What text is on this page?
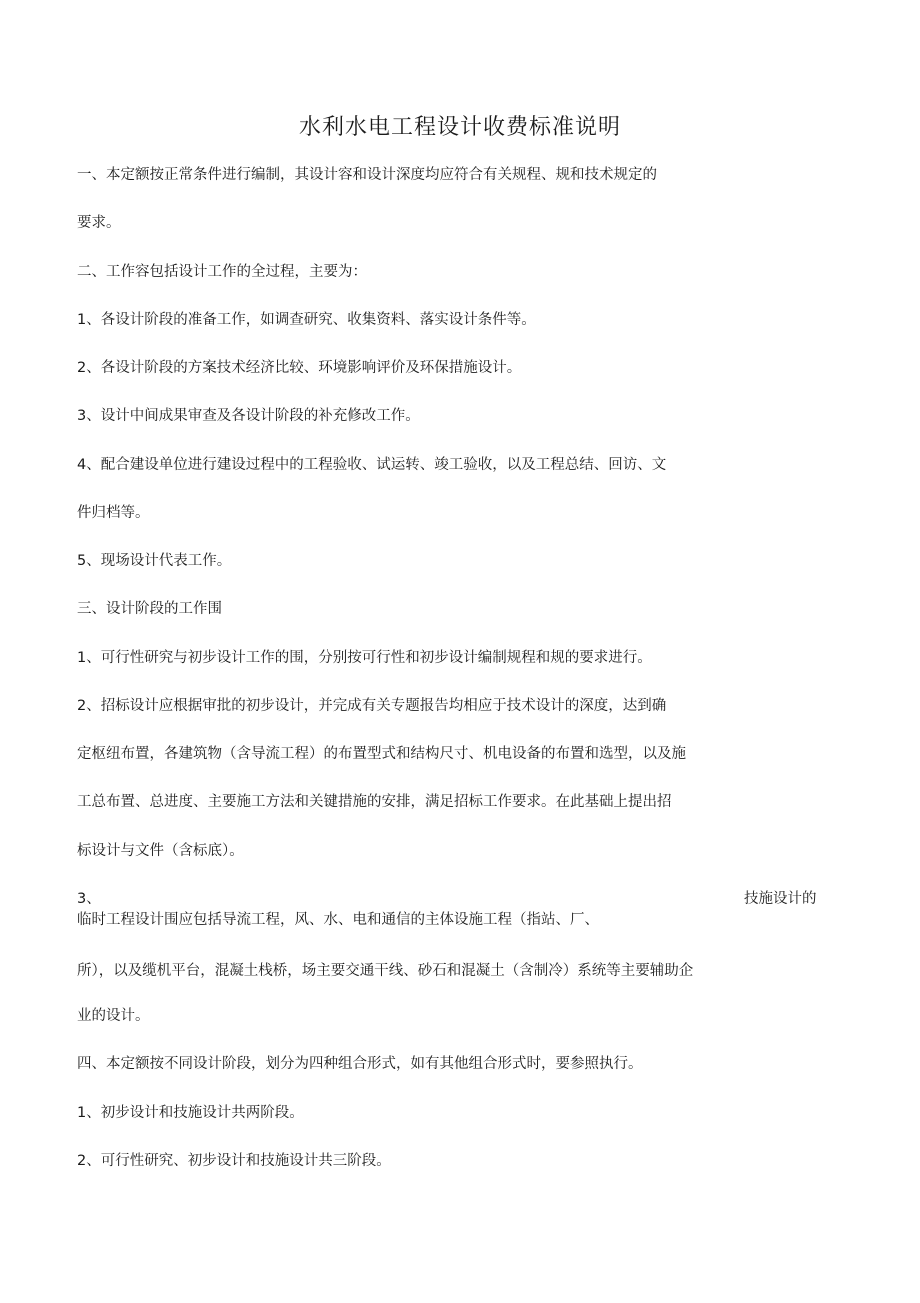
水利水电工程设计收费标准说明
一、本定额按正常条件进行编制，其设计容和设计深度均应符合有关规程、规和技术规定的
要求。
二、工作容包括设计工作的全过程，主要为：
1、各设计阶段的准备工作，如调查研究、收集资料、落实设计条件等。
2、各设计阶段的方案技术经济比较、环境影响评价及环保措施设计。
3、设计中间成果审查及各设计阶段的补充修改工作。
4、配合建设单位进行建设过程中的工程验收、试运转、竣工验收，以及工程总结、回访、文
件归档等。
5、现场设计代表工作。
三、设计阶段的工作围
1、可行性研究与初步设计工作的围，分别按可行性和初步设计编制规程和规的要求进行。
2、招标设计应根据审批的初步设计，并完成有关专题报告均相应于技术设计的深度，达到确
定枢纽布置，各建筑物（含导流工程）的布置型式和结构尺寸、机电设备的布置和选型，以及施
工总布置、总进度、主要施工方法和关键措施的安排，满足招标工作要求。在此基础上提出招
标设计与文件（含标底）。
3、	技施设计的
临时工程设计围应包括导流工程，风、水、电和通信的主体设施工程（指站、厂、
所），以及缆机平台，混凝土栈桥，场主要交通干线、砂石和混凝土（含制冷）系统等主要辅助企
业的设计。
四、本定额按不同设计阶段，划分为四种组合形式，如有其他组合形式时，要参照执行。
1、初步设计和技施设计共两阶段。
2、可行性研究、初步设计和技施设计共三阶段。
